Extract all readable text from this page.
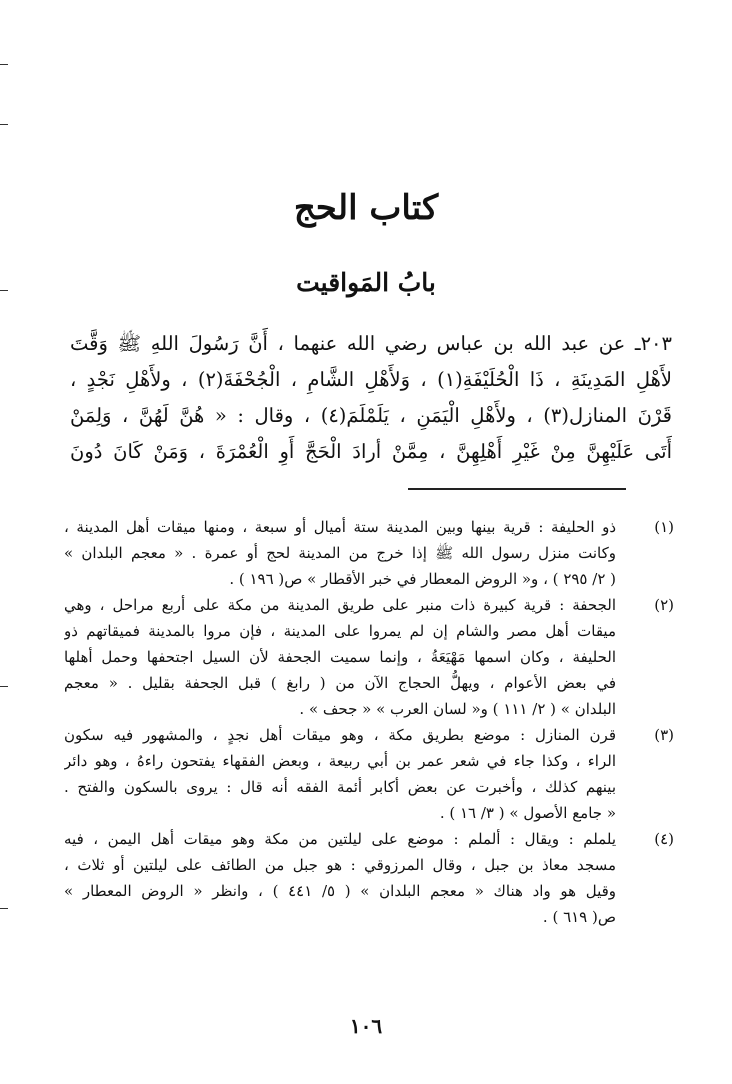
كتاب الحج
بابُ المَواقيت
٢٠٣ـ عن عبد الله بن عباس رضي الله عنهما ، أَنَّ رَسُولَ اللهِ ﷺ وَقَّتَ
لأَهْلِ المَدِينَةِ ، ذَا الْحُلَيْفَةِ(١) ، وَلأَهْلِ الشَّامِ ، الْجُحْفَةَ(٢) ، ولأَهْلِ نَجْدٍ ،
قَرْنَ المنازل(٣) ، ولأَهْلِ الْيَمَنِ ، يَلَمْلَمَ(٤) ، وقال : « هُنَّ لَهُنَّ ، وَلِمَنْ
أَتَى عَلَيْهِنَّ مِنْ غَيْرِ أَهْلِهِنَّ ، مِمَّنْ أرادَ الْحَجَّ أَوِ الْعُمْرَةَ ، وَمَنْ كَانَ دُونَ
(١)
ذو الحليفة : قرية بينها وبين المدينة ستة أميال أو سبعة ، ومنها ميقات أهل المدينة ،
وكانت منزل رسول الله ﷺ إذا خرج من المدينة لحج أو عمرة . « معجم البلدان »
( ٢/ ٢٩٥ ) ، و« الروض المعطار في خبر الأقطار » ص( ١٩٦ ) .
(٢)
الجحفة : قرية كبيرة ذات منبر على طريق المدينة من مكة على أربع مراحل ، وهي
ميقات أهل مصر والشام إن لم يمروا على المدينة ، فإن مروا بالمدينة فميقاتهم ذو
الحليفة ، وكان اسمها مَهْيَعَةُ ، وإنما سميت الجحفة لأن السيل اجتحفها وحمل أهلها
في بعض الأعوام ، ويهلُّ الحجاج الآن من ( رابغ ) قبل الجحفة بقليل . « معجم
البلدان » ( ٢/ ١١١ ) و« لسان العرب » « جحف » .
(٣)
قرن المنازل : موضع بطريق مكة ، وهو ميقات أهل نجدٍ ، والمشهور فيه سكون
الراء ، وكذا جاء في شعر عمر بن أبي ربيعة ، وبعض الفقهاء يفتحون راءهُ ، وهو دائر
بينهم كذلك ، وأخبرت عن بعض أكابر أئمة الفقه أنه قال : يروى بالسكون والفتح .
« جامع الأصول » ( ٣/ ١٦ ) .
(٤)
يلملم : ويقال : ألملم : موضع على ليلتين من مكة وهو ميقات أهل اليمن ، فيه
مسجد معاذ بن جبل ، وقال المرزوقي : هو جبل من الطائف على ليلتين أو ثلاث ،
وقيل هو واد هناك « معجم البلدان » ( ٥/ ٤٤١ ) ، وانظر « الروض المعطار »
ص( ٦١٩ ) .
١٠٦
